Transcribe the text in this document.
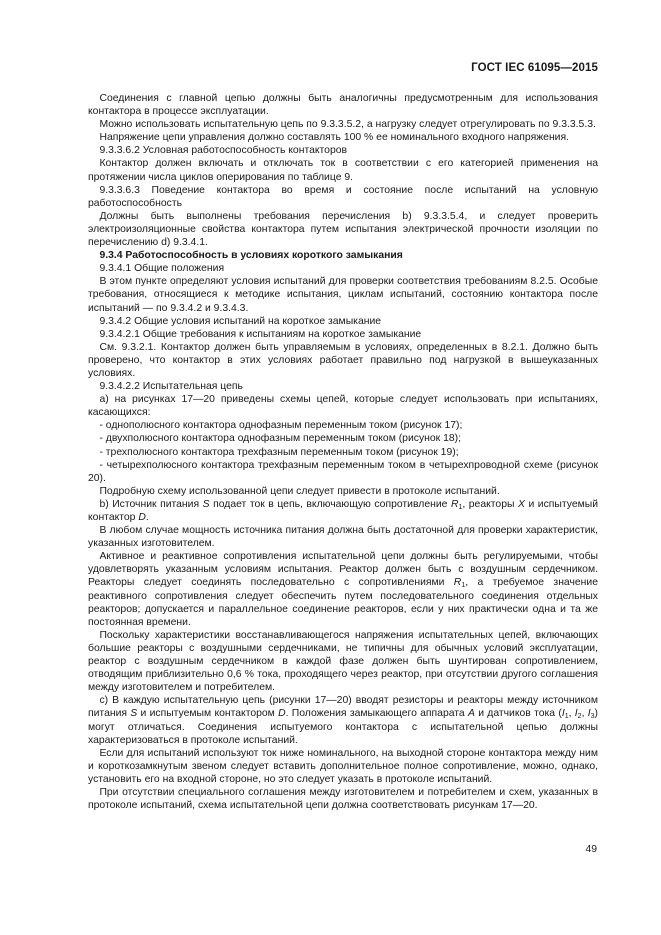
ГОСТ IEC 61095—2015

Соединения с главной цепью должны быть аналогичны предусмотренным для использования контактора в процессе эксплуатации.

Можно использовать испытательную цепь по 9.3.3.5.2, а нагрузку следует отрегулировать по 9.3.3.5.3.

Напряжение цепи управления должно составлять 100 % ее номинального входного напряжения.

9.3.3.6.2 Условная работоспособность контакторов

Контактор должен включать и отключать ток в соответствии с его категорией применения на протяжении числа циклов оперирования по таблице 9.

9.3.3.6.3 Поведение контактора во время и состояние после испытаний на условную работоспособность

Должны быть выполнены требования перечисления b) 9.3.3.5.4, и следует проверить электроизоляционные свойства контактора путем испытания электрической прочности изоляции по перечислению d) 9.3.4.1.

9.3.4 Работоспособность в условиях короткого замыкания

9.3.4.1 Общие положения

В этом пункте определяют условия испытаний для проверки соответствия требованиям 8.2.5. Особые требования, относящиеся к методике испытания, циклам испытаний, состоянию контактора после испытаний — по 9.3.4.2 и 9.3.4.3.

9.3.4.2 Общие условия испытаний на короткое замыкание

9.3.4.2.1 Общие требования к испытаниям на короткое замыкание

См. 9.3.2.1. Контактор должен быть управляемым в условиях, определенных в 8.2.1. Должно быть проверено, что контактор в этих условиях работает правильно под нагрузкой в вышеуказанных условиях.

9.3.4.2.2 Испытательная цепь

а) на рисунках 17—20 приведены схемы цепей, которые следует использовать при испытаниях, касающихся:

- однополюсного контактора однофазным переменным током (рисунок 17);

- двухполюсного контактора однофазным переменным током (рисунок 18);

- трехполюсного контактора трехфазным переменным током (рисунок 19);

- четырехполюсного контактора трехфазным переменным током в четырехпроводной схеме (рисунок 20).

Подробную схему использованной цепи следует привести в протоколе испытаний.

b) Источник питания S подает ток в цепь, включающую сопротивление $R_1$, реакторы X и испытуемый контактор D.

В любом случае мощность источника питания должна быть достаточной для проверки характеристик, указанных изготовителем.

Активное и реактивное сопротивления испытательной цепи должны быть регулируемыми, чтобы удовлетворять указанным условиям испытания. Реактор должен быть с воздушным сердечником. Реакторы следует соединять последовательно с сопротивлениями $R_1$, а требуемое значение реактивного сопротивления следует обеспечить путем последовательного соединения отдельных реакторов; допускается и параллельное соединение реакторов, если у них практически одна и та же постоянная времени.

Поскольку характеристики восстанавливающегося напряжения испытательных цепей, включающих большие реакторы с воздушными сердечниками, не типичны для обычных условий эксплуатации, реактор с воздушным сердечником в каждой фазе должен быть шунтирован сопротивлением, отводящим приблизительно 0,6 % тока, проходящего через реактор, при отсутствии другого соглашения между изготовителем и потребителем.

с) В каждую испытательную цепь (рисунки 17—20) вводят резисторы и реакторы между источником питания S и испытуемым контактором D. Положения замыкающего аппарата А и датчиков тока ($I_1$, $I_2$, $I_3$) могут отличаться. Соединения испытуемого контактора с испытательной цепью должны характеризоваться в протоколе испытаний.

Если для испытаний используют ток ниже номинального, на выходной стороне контактора между ним и короткозамкнутым звеном следует вставить дополнительное полное сопротивление, можно, однако, установить его на входной стороне, но это следует указать в протоколе испытаний.

При отсутствии специального соглашения между изготовителем и потребителем и схем, указанных в протоколе испытаний, схема испытательной цепи должна соответствовать рисункам 17—20.

49
